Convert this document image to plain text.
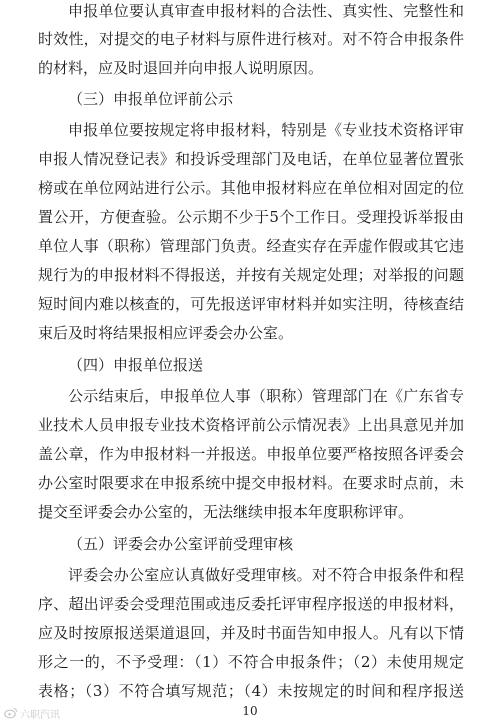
申报单位要认真审查申报材料的合法性、真实性、完整性和
时效性，对提交的电子材料与原件进行核对。对不符合申报条件
的材料，应及时退回并向申报人说明原因。
（三）申报单位评前公示
申报单位要按规定将申报材料，特别是《专业技术资格评审
申报人情况登记表》和投诉受理部门及电话，在单位显著位置张
榜或在单位网站进行公示。其他申报材料应在单位相对固定的位
置公开，方便查验。公示期不少于5个工作日。受理投诉举报由
单位人事（职称）管理部门负责。经查实存在弄虚作假或其它违
规行为的申报材料不得报送，并按有关规定处理；对举报的问题
短时间内难以核查的，可先报送评审材料并如实注明，待核查结
束后及时将结果报相应评委会办公室。
（四）申报单位报送
公示结束后，申报单位人事（职称）管理部门在《广东省专
业技术人员申报专业技术资格评前公示情况表》上出具意见并加
盖公章，作为申报材料一并报送。申报单位要严格按照各评委会
办公室时限要求在申报系统中提交申报材料。在要求时点前，未
提交至评委会办公室的，无法继续申报本年度职称评审。
（五）评委会办公室评前受理审核
评委会办公室应认真做好受理审核。对不符合申报条件和程
序、超出评委会受理范围或违反委托评审程序报送的申报材料，
应及时按原报送渠道退回，并及时书面告知申报人。凡有以下情
形之一的，不予受理：（1）不符合申报条件；（2）未使用规定
表格；（3）不符合填写规范；（4）未按规定的时间和程序报送
六职汽讯	10
